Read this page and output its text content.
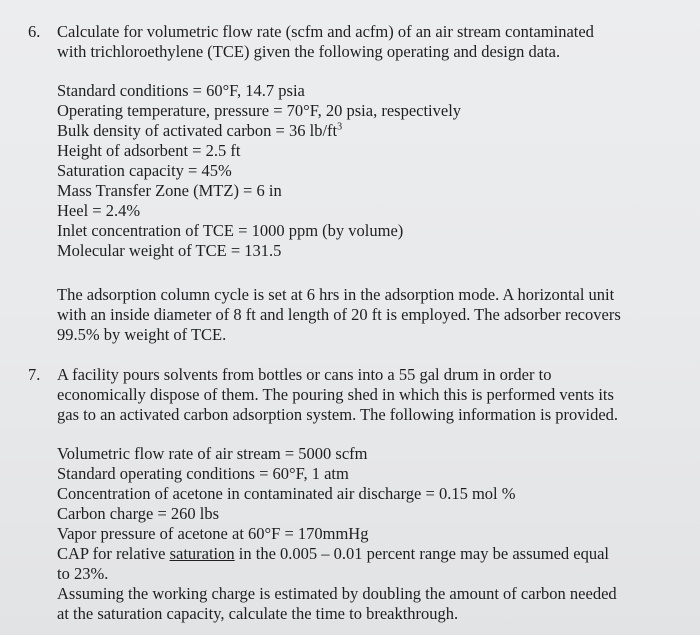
6. Calculate for volumetric flow rate (scfm and acfm) of an air stream contaminated
with trichloroethylene (TCE) given the following operating and design data.
Standard conditions = 60°F, 14.7 psia
Operating temperature, pressure = 70°F, 20 psia, respectively
Bulk density of activated carbon = 36 $lb/ft^3$
Height of adsorbent = 2.5 ft
Saturation capacity = 45%
Mass Transfer Zone (MTZ) = 6 in
Heel = 2.4%
Inlet concentration of TCE = 1000 ppm (by volume)
Molecular weight of TCE = 131.5
The adsorption column cycle is set at 6 hrs in the adsorption mode. A horizontal unit
with an inside diameter of 8 ft and length of 20 ft is employed. The adsorber recovers
99.5% by weight of TCE.
7. A facility pours solvents from bottles or cans into a 55 gal drum in order to
economically dispose of them. The pouring shed in which this is performed vents its
gas to an activated carbon adsorption system. The following information is provided.
Volumetric flow rate of air stream = 5000 scfm
Standard operating conditions = 60°F, 1 atm
Concentration of acetone in contaminated air discharge = 0.15 mol %
Carbon charge = 260 lbs
Vapor pressure of acetone at 60°F = 170mmHg
CAP for relative saturation in the 0.005 – 0.01 percent range may be assumed equal
to 23%.
Assuming the working charge is estimated by doubling the amount of carbon needed
at the saturation capacity, calculate the time to breakthrough.
